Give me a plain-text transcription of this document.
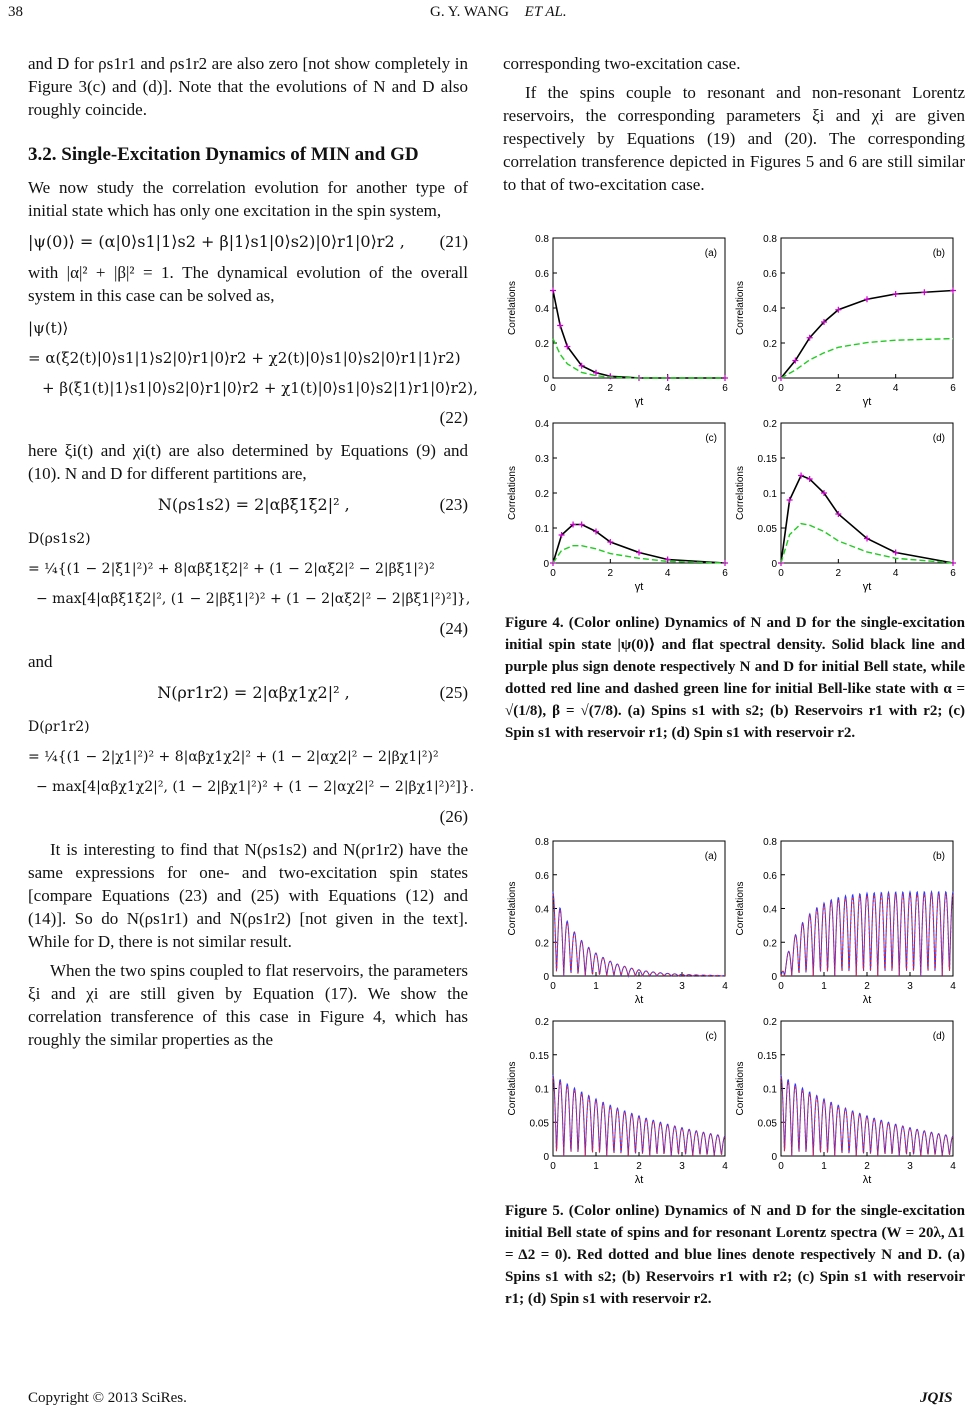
38	G. Y. WANG ET AL.

and D for ρs1r1 and ρs1r2 are also zero [not show completely in Figure 3(c) and (d)]. Note that the evolutions of N and D also roughly coincide.

3.2. Single-Excitation Dynamics of MIN and GD

We now study the correlation evolution for another type of initial state which has only one excitation in the spin system,

|ψ(0)⟩ = (α|0⟩s1|1⟩s2 + β|1⟩s1|0⟩s2)|0⟩r1|0⟩r2 , (21)

with |α|² + |β|² = 1. The dynamical evolution of the overall system in this case can be solved as,

|ψ(t)⟩
= α(ξ2(t)|0⟩s1|1⟩s2|0⟩r1|0⟩r2 + χ2(t)|0⟩s1|0⟩s2|0⟩r1|1⟩r2)
+ β(ξ1(t)|1⟩s1|0⟩s2|0⟩r1|0⟩r2 + χ1(t)|0⟩s1|0⟩s2|1⟩r1|0⟩r2),
(22)

here ξi(t) and χi(t) are also determined by Equations (9) and (10). N and D for different partitions are,

N(ρs1s2) = 2|αβξ1ξ2|² ,	(23)
D(ρs1s2)
= ¼{(1 − 2|ξ1|²)² + 8|αβξ1ξ2|² + (1 − 2|αξ2|² − 2|βξ1|²)²
− max[4|αβξ1ξ2|², (1 − 2|βξ1|²)² + (1 − 2|αξ2|² − 2|βξ1|²)²]},
(24)

and

N(ρr1r2) = 2|αβχ1χ2|² ,	(25)
D(ρr1r2)
= ¼{(1 − 2|χ1|²)² + 8|αβχ1χ2|² + (1 − 2|αχ2|² − 2|βχ1|²)²
− max[4|αβχ1χ2|², (1 − 2|βχ1|²)² + (1 − 2|αχ2|² − 2|βχ1|²)²]}.
(26)

It is interesting to find that N(ρs1s2) and N(ρr1r2) have the same expressions for one- and two-excitation spin states [compare Equations (23) and (25) with Equations (12) and (14)]. So do N(ρs1r1) and N(ρs1r2) [not given in the text]. While for D, there is not similar result.

When the two spins coupled to flat reservoirs, the parameters ξi and χi are still given by Equation (17). We show the correlation transference of this case in Figure 4, which has roughly the similar properties as the

corresponding two-excitation case.

If the spins couple to resonant and non-resonant Lorentz reservoirs, the corresponding parameters ξi and χi are given respectively by Equations (19) and (20). The corresponding correlation transference depicted in Figures 5 and 6 are still similar to that of two-excitation case.

0
0.2
0.4
0.6
0.8
0	2	4	6
γt
Correlations
(a)
0
0.2
0.4
0.6
0.8
0	2	4	6
γt
Correlations
(b)
0
0.1
0.2
0.3
0.4
0	2	4	6
γt
Correlations
(c)
0
0.05
0.1
0.15
0.2
0	2	4	6
γt
Correlations
(d)
Figure 4. (Color online) Dynamics of N and D for the single-excitation initial spin state |ψ(0)⟩ and flat spectral density. Solid black line and purple plus sign denote respectively N and D for initial Bell state, while dotted red line and dashed green line for initial Bell-like state with α = √(1/8), β = √(7/8). (a) Spins s1 with s2; (b) Reservoirs r1 with r2; (c) Spin s1 with reservoir r1; (d) Spin s1 with reservoir r2.
0
0.2
0.4
0.6
0.8
0	1	2	3	4
λt
Correlations
(a)
0
0.2
0.4
0.6
0.8
0	1	2	3	4
λt
Correlations
(b)
0
0.05
0.1
0.15
0.2
0	1	2	3	4
λt
Correlations
(c)
0
0.05
0.1
0.15
0.2
0	1	2	3	4
λt
Correlations
(d)
Figure 5. (Color online) Dynamics of N and D for the single-excitation initial Bell state of spins and for resonant Lorentz spectra (W = 20λ, Δ1 = Δ2 = 0). Red dotted and blue lines denote respectively N and D. (a) Spins s1 with s2; (b) Reservoirs r1 with r2; (c) Spin s1 with reservoir r1; (d) Spin s1 with reservoir r2.
Copyright © 2013 SciRes.	JQIS
